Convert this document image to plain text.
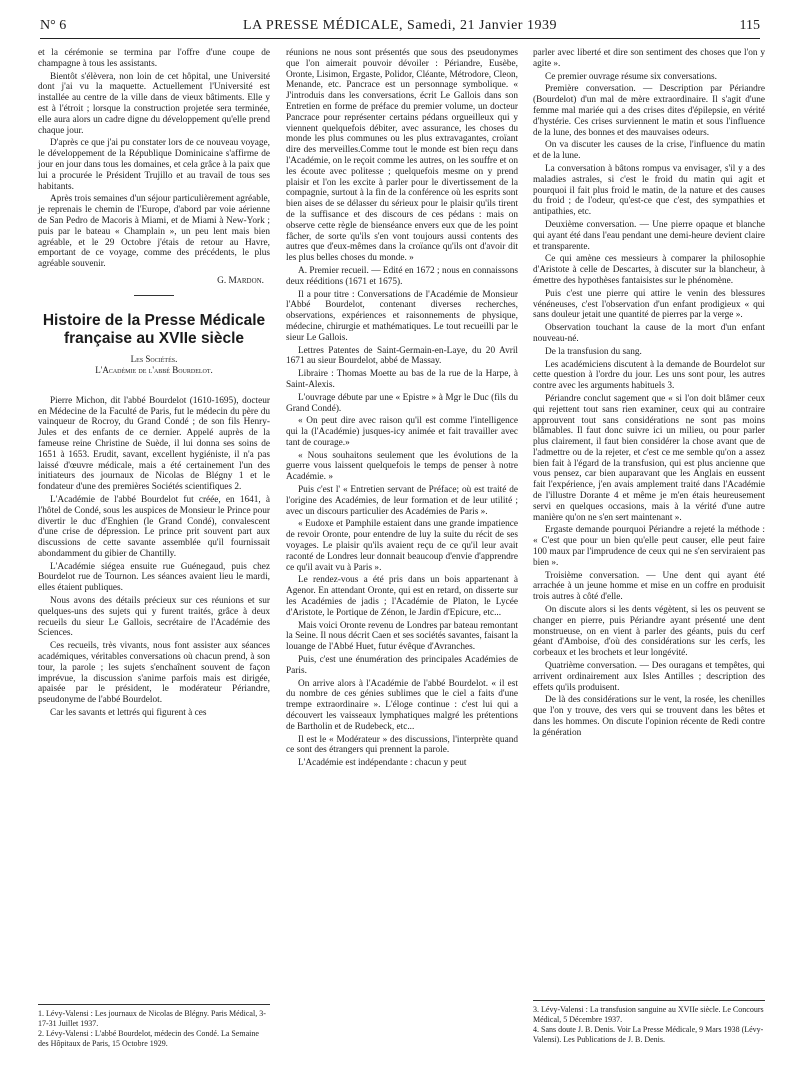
N° 6	LA PRESSE MÉDICALE, Samedi, 21 Janvier 1939	115

et la cérémonie se termina par l'offre d'une coupe de champagne à tous les assistants.

Bientôt s'élèvera, non loin de cet hôpital, une Université dont j'ai vu la maquette. Actuellement l'Université est installée au centre de la ville dans de vieux bâtiments. Elle y est à l'étroit ; lorsque la construction projetée sera terminée, elle aura alors un cadre digne du développement qu'elle prend chaque jour.

D'après ce que j'ai pu constater lors de ce nouveau voyage, le développement de la République Dominicaine s'affirme de jour en jour dans tous les domaines, et cela grâce à la paix que lui a procurée le Président Trujillo et au travail de tous ses habitants.

Après trois semaines d'un séjour particulièrement agréable, je reprenais le chemin de l'Europe, d'abord par voie aérienne de San Pedro de Macoris à Miami, et de Miami à New-York ; puis par le bateau « Champlain », un peu lent mais bien agréable, et le 29 Octobre j'étais de retour au Havre, emportant de ce voyage, comme des précédents, le plus agréable souvenir.

G. Mardon.
Histoire de la Presse Médicale française au XVIIe siècle
Les Sociétés.
L'Académie de l'abbé Bourdelot.

Pierre Michon, dit l'abbé Bourdelot (1610-1695), docteur en Médecine de la Faculté de Paris, fut le médecin du père du vainqueur de Rocroy, du Grand Condé ; de son fils Henry-Jules et des enfants de ce dernier. Appelé auprès de la fameuse reine Christine de Suède, il lui donna ses soins de 1651 à 1653. Erudit, savant, excellent hygiéniste, il n'a pas laissé d'œuvre médicale, mais a été certainement l'un des initiateurs des journaux de Nicolas de Blégny 1 et le fondateur d'une des premières Sociétés scientifiques 2.

L'Académie de l'abbé Bourdelot fut créée, en 1641, à l'hôtel de Condé, sous les auspices de Monsieur le Prince pour divertir le duc d'Enghien (le Grand Condé), convalescent d'une crise de dépression. Le prince prit souvent part aux discussions de cette savante assemblée qu'il fournissait abondamment du gibier de Chantilly.

L'Académie siégea ensuite rue Guénegaud, puis chez Bourdelot rue de Tournon. Les séances avaient lieu le mardi, elles étaient publiques.

Nous avons des détails précieux sur ces réunions et sur quelques-uns des sujets qui y furent traités, grâce à deux recueils du sieur Le Gallois, secrétaire de l'Académie des Sciences.

Ces recueils, très vivants, nous font assister aux séances académiques, véritables conversations où chacun prend, à son tour, la parole ; les sujets s'enchaînent souvent de façon imprévue, la discussion s'anime parfois mais est dirigée, apaisée par le président, le modérateur Périandre, pseudonyme de l'abbé Bourdelot.

Car les savants et lettrés qui figurent à ces

1. Lévy-Valensi : Les journaux de Nicolas de Blégny. Paris Médical, 3-17-31 Juillet 1937.

2. Lévy-Valensi : L'abbé Bourdelot, médecin des Condé. La Semaine des Hôpitaux de Paris, 15 Octobre 1929.

réunions ne nous sont présentés que sous des pseudonymes que l'on aimerait pouvoir dévoiler : Périandre, Eusèbe, Oronte, Lisimon, Ergaste, Polidor, Cléante, Métrodore, Cleon, Menande, etc. Pancrace est un personnage symbolique. « J'introduis dans les conversations, écrit Le Gallois dans son Entretien en forme de préface du premier volume, un docteur Pancrace pour représenter certains pédans orgueilleux qui y viennent quelquefois débiter, avec assurance, les choses du monde les plus communes ou les plus extravagantes, croïant dire des merveilles.Comme tout le monde est bien reçu dans l'Académie, on le reçoit comme les autres, on les souffre et on les écoute avec politesse ; quelquefois mesme on y prend plaisir et l'on les excite à parler pour le divertissement de la compagnie, surtout à la fin de la conférence où les esprits sont bien aises de se délasser du sérieux pour le plaisir qu'ils tirent de la suffisance et des discours de ces pédans : mais on observe cette règle de bienséance envers eux que de les point fâcher, de sorte qu'ils s'en vont toujours aussi contents des autres que d'eux-mêmes dans la croïance qu'ils ont d'avoir dit les plus belles choses du monde. »

A. Premier recueil. — Edité en 1672 ; nous en connaissons deux rééditions (1671 et 1675).

Il a pour titre : Conversations de l'Académie de Monsieur l'Abbé Bourdelot, contenant diverses recherches, observations, expériences et raisonnements de physique, médecine, chirurgie et mathématiques. Le tout recueilli par le sieur Le Gallois.

Lettres Patentes de Saint-Germain-en-Laye, du 20 Avril 1671 au sieur Bourdelot, abbé de Massay.

Libraire : Thomas Moette au bas de la rue de la Harpe, à Saint-Alexis.

L'ouvrage débute par une « Epistre » à Mgr le Duc (fils du Grand Condé).

« On peut dire avec raison qu'il est comme l'intelligence qui la (l'Académie) jusques-icy animée et fait travailler avec tant de courage.»

« Nous souhaitons seulement que les évolutions de la guerre vous laissent quelquefois le temps de penser à notre Académie. »

Puis c'est l' « Entretien servant de Préface; où est traité de l'origine des Académies, de leur formation et de leur utilité ; avec un discours particulier des Académies de Paris ».

« Eudoxe et Pamphile estaient dans une grande impatience de revoir Oronte, pour entendre de luy la suite du récit de ses voyages. Le plaisir qu'ils avaient reçu de ce qu'il leur avait raconté de Londres leur donnait beaucoup d'envie d'apprendre ce qu'il avait vu à Paris ».

Le rendez-vous a été pris dans un bois appartenant à Agenor. En attendant Oronte, qui est en retard, on disserte sur les Académies de jadis ; l'Académie de Platon, le Lycée d'Aristote, le Portique de Zénon, le Jardin d'Epicure, etc...

Mais voici Oronte revenu de Londres par bateau remontant la Seine. Il nous décrit Caen et ses sociétés savantes, faisant la louange de l'Abbé Huet, futur évêque d'Avranches.

Puis, c'est une énumération des principales Académies de Paris.

On arrive alors à l'Académie de l'abbé Bourdelot. « il est du nombre de ces génies sublimes que le ciel a faits d'une trempe extraordinaire ». L'éloge continue : c'est lui qui a découvert les vaisseaux lymphatiques malgré les prétentions de Bartholin et de Rudebeck, etc...

Il est le « Modérateur » des discussions, l'interprète quand ce sont des étrangers qui prennent la parole.

L'Académie est indépendante : chacun y peut

parler avec liberté et dire son sentiment des choses que l'on y agite ».

Ce premier ouvrage résume six conversations.

Première conversation. — Description par Périandre (Bourdelot) d'un mal de mère extraordinaire. Il s'agit d'une femme mal mariée qui a des crises dites d'épilepsie, en vérité d'hystérie. Ces crises surviennent le matin et sous l'influence de la lune, des bonnes et des mauvaises odeurs.

On va discuter les causes de la crise, l'influence du matin et de la lune.

La conversation à bâtons rompus va envisager, s'il y a des maladies astrales, si c'est le froid du matin qui agit et pourquoi il fait plus froid le matin, de la nature et des causes du froid ; de l'odeur, qu'est-ce que c'est, des sympathies et antipathies, etc.

Deuxième conversation. — Une pierre opaque et blanche qui ayant été dans l'eau pendant une demi-heure devient claire et transparente.

Ce qui amène ces messieurs à comparer la philosophie d'Aristote à celle de Descartes, à discuter sur la blancheur, à émettre des hypothèses fantaisistes sur le phénomène.

Puis c'est une pierre qui attire le venin des blessures vénéneuses, c'est l'observation d'un enfant prodigieux « qui sans douleur jetait une quantité de pierres par la verge ».

Observation touchant la cause de la mort d'un enfant nouveau-né.

De la transfusion du sang.

Les académiciens discutent à la demande de Bourdelot sur cette question à l'ordre du jour. Les uns sont pour, les autres contre avec les arguments habituels 3.

Périandre conclut sagement que « si l'on doit blâmer ceux qui rejettent tout sans rien examiner, ceux qui au contraire approuvent tout sans considérations ne sont pas moins blâmables. Il faut donc suivre ici un milieu, ou pour parler plus clairement, il faut bien considérer la chose avant que de l'admettre ou de la rejeter, et c'est ce me semble qu'on a assez bien fait à l'égard de la transfusion, qui est plus ancienne que vous pensez, car bien auparavant que les Anglais en eussent fait l'expérience, j'en avais amplement traité dans l'Académie de l'illustre Dorante 4 et même je m'en étais heureusement servi en quelques occasions, mais à la vérité d'une autre manière qu'on ne s'en sert maintenant ».

Ergaste demande pourquoi Périandre a rejeté la méthode : « C'est que pour un bien qu'elle peut causer, elle peut faire 100 maux par l'imprudence de ceux qui ne s'en serviraient pas bien ».

Troisième conversation. — Une dent qui ayant été arrachée à un jeune homme et mise en un coffre en produisit trois autres à côté d'elle.

On discute alors si les dents végètent, si les os peuvent se changer en pierre, puis Périandre ayant présenté une dent monstrueuse, on en vient à parler des géants, puis du cerf géant d'Amboise, d'où des considérations sur les cerfs, les corbeaux et les brochets et leur longévité.

Quatrième conversation. — Des ouragans et tempêtes, qui arrivent ordinairement aux Isles Antilles ; description des effets qu'ils produisent.

De là des considérations sur le vent, la rosée, les chenilles que l'on y trouve, des vers qui se trouvent dans les bêtes et dans les hommes. On discute l'opinion récente de Redi contre la génération

3. Lévy-Valensi : La transfusion sanguine au XVIIe siècle. Le Concours Médical, 5 Décembre 1937.

4. Sans doute J. B. Denis. Voir La Presse Médicale, 9 Mars 1938 (Lévy-Valensi). Les Publications de J. B. Denis.
